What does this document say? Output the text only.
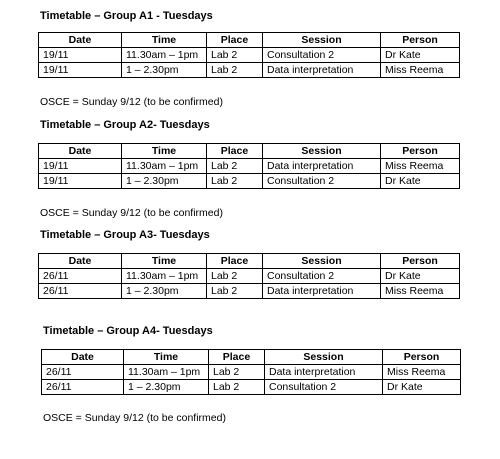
Timetable – Group A1 - Tuesdays
Date	Time	Place	Session	Person
19/11	11.30am – 1pm	Lab 2	Consultation 2	Dr Kate
19/11	1 – 2.30pm	Lab 2	Data interpretation	Miss Reema
OSCE = Sunday 9/12 (to be confirmed)
Timetable – Group A2- Tuesdays
Date	Time	Place	Session	Person
19/11	11.30am – 1pm	Lab 2	Data interpretation	Miss Reema
19/11	1 – 2.30pm	Lab 2	Consultation 2	Dr Kate
OSCE = Sunday 9/12 (to be confirmed)
Timetable – Group A3- Tuesdays
Date	Time	Place	Session	Person
26/11	11.30am – 1pm	Lab 2	Consultation 2	Dr Kate
26/11	1 – 2.30pm	Lab 2	Data interpretation	Miss Reema
Timetable – Group A4- Tuesdays
Date	Time	Place	Session	Person
26/11	11.30am – 1pm	Lab 2	Data interpretation	Miss Reema
26/11	1 – 2.30pm	Lab 2	Consultation 2	Dr Kate
OSCE = Sunday 9/12 (to be confirmed)
